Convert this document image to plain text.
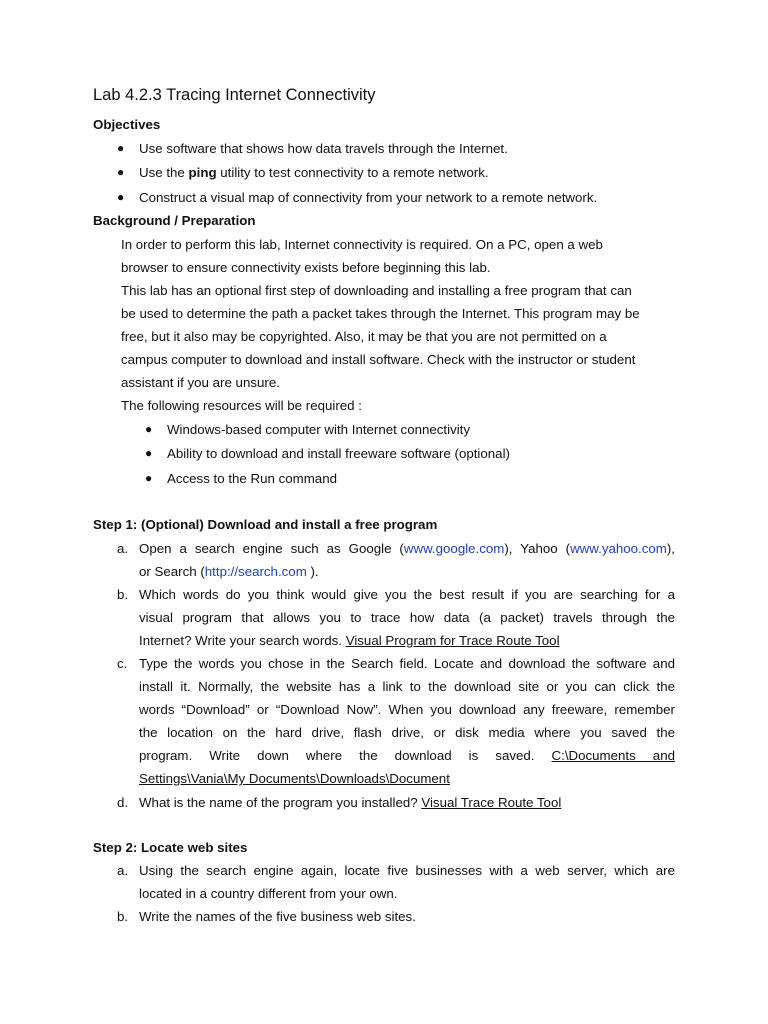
Lab 4.2.3 Tracing Internet Connectivity
Objectives
● Use software that shows how data travels through the Internet.
● Use the ping utility to test connectivity to a remote network.
● Construct a visual map of connectivity from your network to a remote network.
Background / Preparation
In order to perform this lab, Internet connectivity is required. On a PC, open a web
browser to ensure connectivity exists before beginning this lab.
This lab has an optional first step of downloading and installing a free program that can
be used to determine the path a packet takes through the Internet. This program may be
free, but it also may be copyrighted. Also, it may be that you are not permitted on a
campus computer to download and install software. Check with the instructor or student
assistant if you are unsure.
The following resources will be required :
● Windows-based computer with Internet connectivity
● Ability to download and install freeware software (optional)
● Access to the Run command
Step 1: (Optional) Download and install a free program
a. Open a search engine such as Google (www.google.com), Yahoo (www.yahoo.com),
or Search (http://search.com ).
b. Which words do you think would give you the best result if you are searching for a
visual program that allows you to trace how data (a packet) travels through the
Internet? Write your search words. Visual Program for Trace Route Tool
c. Type the words you chose in the Search field. Locate and download the software and
install it. Normally, the website has a link to the download site or you can click the
words “Download” or “Download Now”. When you download any freeware, remember
the location on the hard drive, flash drive, or disk media where you saved the
program. Write down where the download is saved. C:\Documents and
Settings\Vania\My Documents\Downloads\Document
d. What is the name of the program you installed? Visual Trace Route Tool
Step 2: Locate web sites
a. Using the search engine again, locate five businesses with a web server, which are
located in a country different from your own.
b. Write the names of the five business web sites.
